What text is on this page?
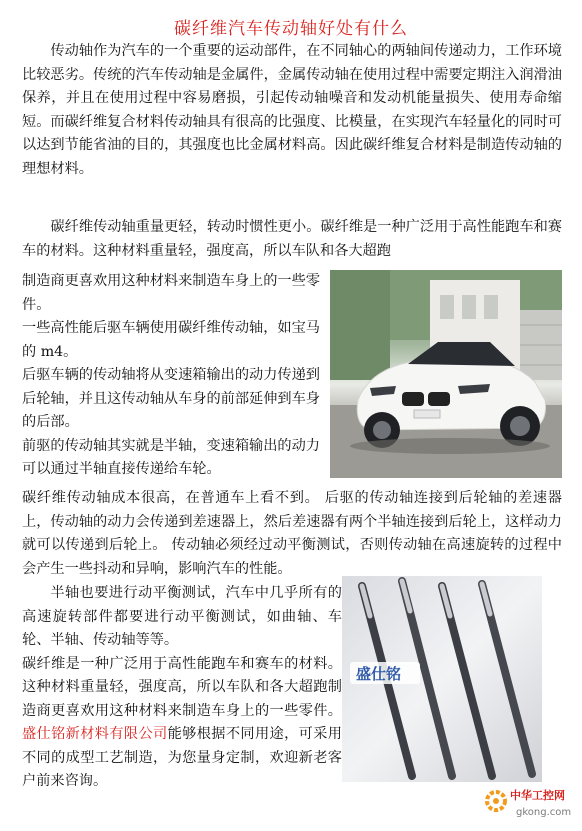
碳纤维汽车传动轴好处有什么

传动轴作为汽车的一个重要的运动部件，在不同轴心的两轴间传递动力，工作环境比较恶劣。传统的汽车传动轴是金属件，金属传动轴在使用过程中需要定期注入润滑油保养，并且在使用过程中容易磨损，引起传动轴噪音和发动机能量损失、使用寿命缩短。而碳纤维复合材料传动轴具有很高的比强度、比模量，在实现汽车轻量化的同时可以达到节能省油的目的，其强度也比金属材料高。因此碳纤维复合材料是制造传动轴的理想材料。

碳纤维传动轴重量更轻，转动时惯性更小。碳纤维是一种广泛用于高性能跑车和赛车的材料。这种材料重量轻，强度高，所以车队和各大超跑

制造商更喜欢用这种材料来制造车身上的一些零件。

一些高性能后驱车辆使用碳纤维传动轴，如宝马的 m4。

后驱车辆的传动轴将从变速箱输出的动力传递到后轮轴，并且这传动轴从车身的前部延伸到车身的后部。

前驱的传动轴其实就是半轴，变速箱输出的动力可以通过半轴直接传递给车轮。

碳纤维传动轴成本很高，在普通车上看不到。 后驱的传动轴连接到后轮轴的差速器上，传动轴的动力会传递到差速器上，然后差速器有两个半轴连接到后轮上，这样动力就可以传递到后轮上。 传动轴必须经过动平衡测试，否则传动轴在高速旋转的过程中会产生一些抖动和异响，影响汽车的性能。

半轴也要进行动平衡测试，汽车中几乎所有的高速旋转部件都要进行动平衡测试，如曲轴、车轮、半轴、传动轴等等。

碳纤维是一种广泛用于高性能跑车和赛车的材料。这种材料重量轻，强度高，所以车队和各大超跑制造商更喜欢用这种材料来制造车身上的一些零件。盛仕铭新材料有限公司能够根据不同用途，可采用不同的成型工艺制造，为您量身定制，欢迎新老客户前来咨询。

盛仕铭
中华工控网
gkong.com
